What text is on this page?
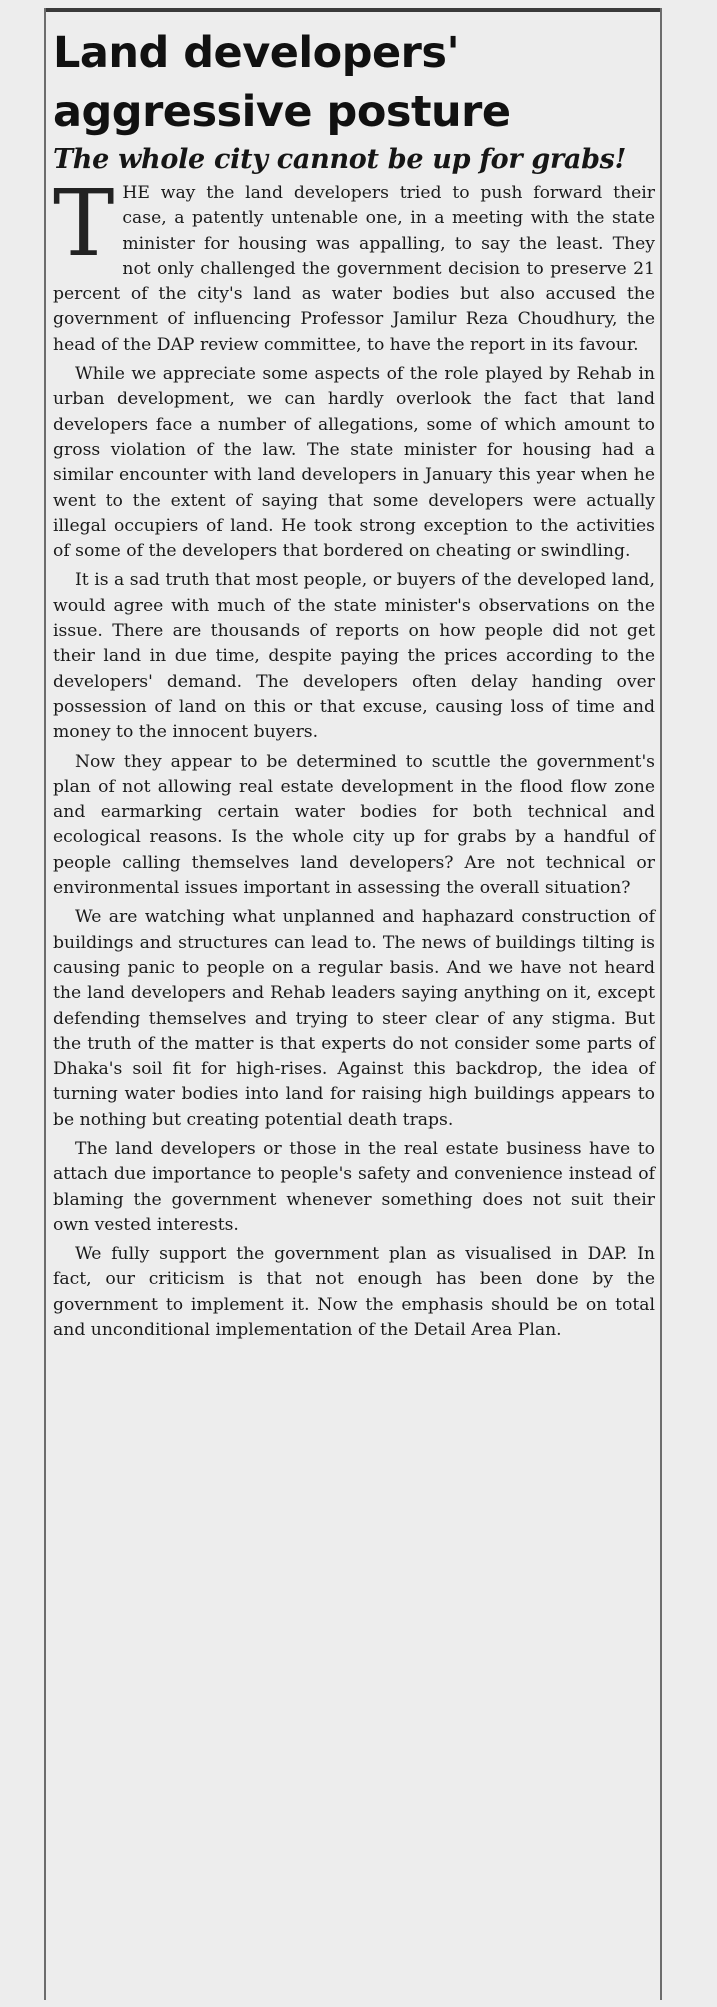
Land developers'
aggressive posture
The whole city cannot be up for grabs!

THE way the land developers tried to push forward their case, a patently untenable one, in a meeting with the state minister for housing was appalling, to say the least. They not only challenged the government decision to preserve 21 percent of the city's land as water bodies but also accused the government of influencing Professor Jamilur Reza Choudhury, the head of the DAP review committee, to have the report in its favour.

While we appreciate some aspects of the role played by Rehab in urban development, we can hardly overlook the fact that land developers face a number of allegations, some of which amount to gross violation of the law. The state minister for housing had a similar encounter with land developers in January this year when he went to the extent of saying that some developers were actually illegal occupiers of land. He took strong exception to the activities of some of the developers that bordered on cheating or swindling.

It is a sad truth that most people, or buyers of the developed land, would agree with much of the state minister's observations on the issue. There are thousands of reports on how people did not get their land in due time, despite paying the prices according to the developers' demand. The developers often delay handing over possession of land on this or that excuse, causing loss of time and money to the innocent buyers.

Now they appear to be determined to scuttle the government's plan of not allowing real estate development in the flood flow zone and earmarking certain water bodies for both technical and ecological reasons. Is the whole city up for grabs by a handful of people calling themselves land developers? Are not technical or environmental issues important in assessing the overall situation?

We are watching what unplanned and haphazard construction of buildings and structures can lead to. The news of buildings tilting is causing panic to people on a regular basis. And we have not heard the land developers and Rehab leaders saying anything on it, except defending themselves and trying to steer clear of any stigma. But the truth of the matter is that experts do not consider some parts of Dhaka's soil fit for high-rises. Against this backdrop, the idea of turning water bodies into land for raising high buildings appears to be nothing but creating potential death traps.

The land developers or those in the real estate business have to attach due importance to people's safety and convenience instead of blaming the government whenever something does not suit their own vested interests.

We fully support the government plan as visualised in DAP. In fact, our criticism is that not enough has been done by the government to implement it. Now the emphasis should be on total and unconditional implementation of the Detail Area Plan.
